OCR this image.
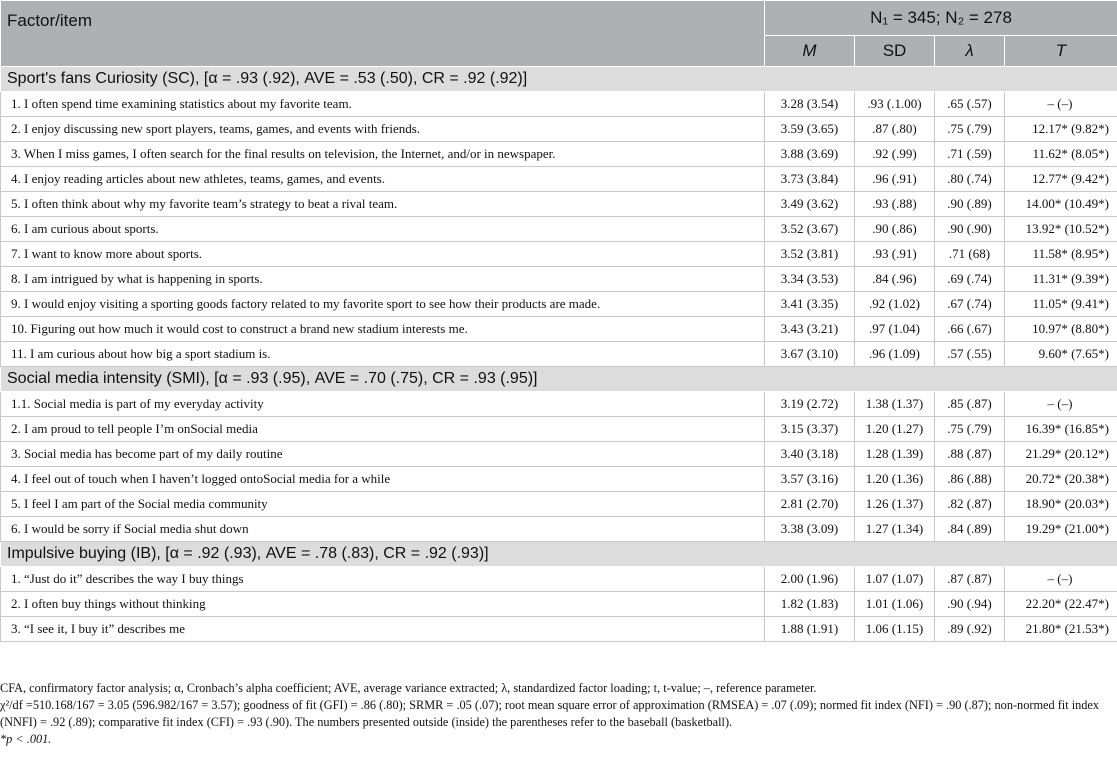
Factor/item	N₁ = 345; N₂ = 278			
	M	SD	λ	T
Sport's fans Curiosity (SC), [α = .93 (.92), AVE = .53 (.50), CR = .92 (.92)]				
1. I often spend time examining statistics about my favorite team.	3.28 (3.54)	.93 (.1.00)	.65 (.57)	– (–)
2. I enjoy discussing new sport players, teams, games, and events with friends.	3.59 (3.65)	.87 (.80)	.75 (.79)	12.17* (9.82*)
3. When I miss games, I often search for the final results on television, the Internet, and/or in newspaper.	3.88 (3.69)	.92 (.99)	.71 (.59)	11.62* (8.05*)
4. I enjoy reading articles about new athletes, teams, games, and events.	3.73 (3.84)	.96 (.91)	.80 (.74)	12.77* (9.42*)
5. I often think about why my favorite team’s strategy to beat a rival team.	3.49 (3.62)	.93 (.88)	.90 (.89)	14.00* (10.49*)
6. I am curious about sports.	3.52 (3.67)	.90 (.86)	.90 (.90)	13.92* (10.52*)
7. I want to know more about sports.	3.52 (3.81)	.93 (.91)	.71 (68)	11.58* (8.95*)
8. I am intrigued by what is happening in sports.	3.34 (3.53)	.84 (.96)	.69 (.74)	11.31* (9.39*)
9. I would enjoy visiting a sporting goods factory related to my favorite sport to see how their products are made.	3.41 (3.35)	.92 (1.02)	.67 (.74)	11.05* (9.41*)
10. Figuring out how much it would cost to construct a brand new stadium interests me.	3.43 (3.21)	.97 (1.04)	.66 (.67)	10.97* (8.80*)
11. I am curious about how big a sport stadium is.	3.67 (3.10)	.96 (1.09)	.57 (.55)	9.60* (7.65*)
Social media intensity (SMI), [α = .93 (.95), AVE = .70 (.75), CR = .93 (.95)]				
1.1. Social media is part of my everyday activity	3.19 (2.72)	1.38 (1.37)	.85 (.87)	– (–)
2. I am proud to tell people I’m onSocial media	3.15 (3.37)	1.20 (1.27)	.75 (.79)	16.39* (16.85*)
3. Social media has become part of my daily routine	3.40 (3.18)	1.28 (1.39)	.88 (.87)	21.29* (20.12*)
4. I feel out of touch when I haven’t logged ontoSocial media for a while	3.57 (3.16)	1.20 (1.36)	.86 (.88)	20.72* (20.38*)
5. I feel I am part of the Social media community	2.81 (2.70)	1.26 (1.37)	.82 (.87)	18.90* (20.03*)
6. I would be sorry if Social media shut down	3.38 (3.09)	1.27 (1.34)	.84 (.89)	19.29* (21.00*)
Impulsive buying (IB), [α = .92 (.93), AVE = .78 (.83), CR = .92 (.93)]				
1. “Just do it” describes the way I buy things	2.00 (1.96)	1.07 (1.07)	.87 (.87)	– (–)
2. I often buy things without thinking	1.82 (1.83)	1.01 (1.06)	.90 (.94)	22.20* (22.47*)
3. “I see it, I buy it” describes me	1.88 (1.91)	1.06 (1.15)	.89 (.92)	21.80* (21.53*)

CFA, confirmatory factor analysis; α, Cronbach’s alpha coefficient; AVE, average variance extracted; λ, standardized factor loading; t, t-value; –, reference parameter.

χ²/df =510.168/167 = 3.05 (596.982/167 = 3.57); goodness of fit (GFI) = .86 (.80); SRMR = .05 (.07); root mean square error of approximation (RMSEA) = .07 (.09); normed fit index (NFI) = .90 (.87); non-normed fit index (NNFI) = .92 (.89); comparative fit index (CFI) = .93 (.90). The numbers presented outside (inside) the parentheses refer to the baseball (basketball).

*p < .001.
